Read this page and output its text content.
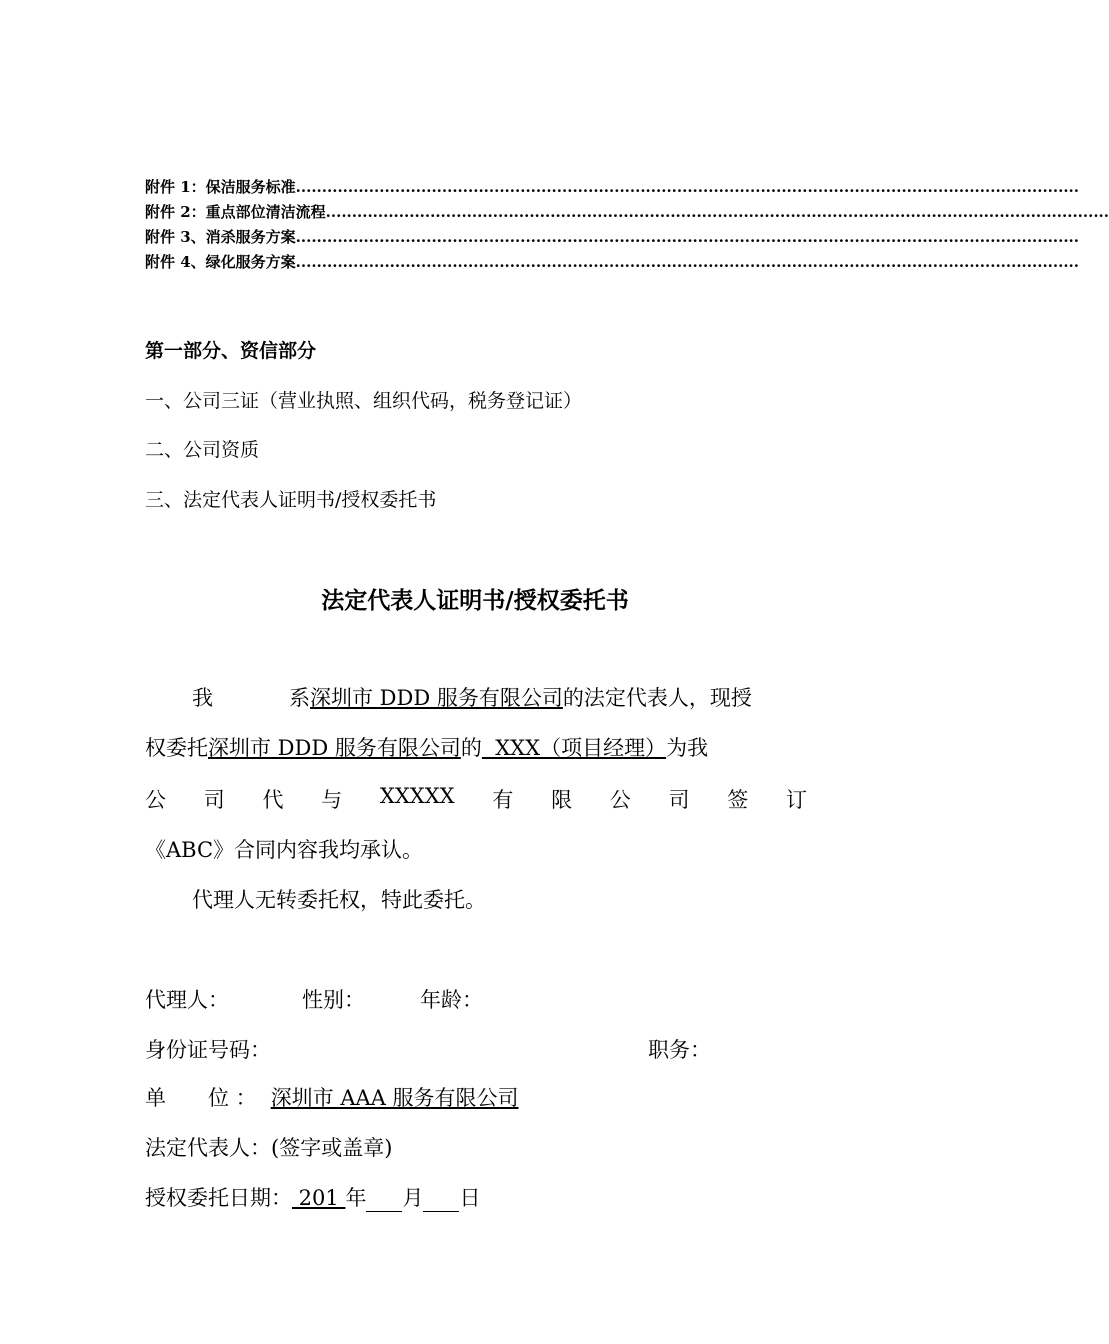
附件 1：保洁服务标准 ......................................................................................................................................................
附件 2：重点部位清洁流程 ......................................................................................................................................................
附件 3、消杀服务方案 ......................................................................................................................................................
附件 4、绿化服务方案 ......................................................................................................................................................
第一部分、资信部分
一、公司三证（营业执照、组织代码，税务登记证）
二、公司资质
三、法定代表人证明书/授权委托书
法定代表人证明书/授权委托书
我	系深圳市 DDD 服务有限公司的法定代表人，现授
权委托深圳市 DDD 服务有限公司的  XXX（项目经理）为我
公 司 代 与 XXXXX 有 限 公 司 签 订
《ABC》合同内容我均承认。
代理人无转委托权，特此委托。
代理人：	性别：	年龄：
身份证号码：	职务：
单　　位 ： 深圳市 AAA 服务有限公司
法定代表人：(签字或盖章)
授权委托日期： 201 年 月 日
